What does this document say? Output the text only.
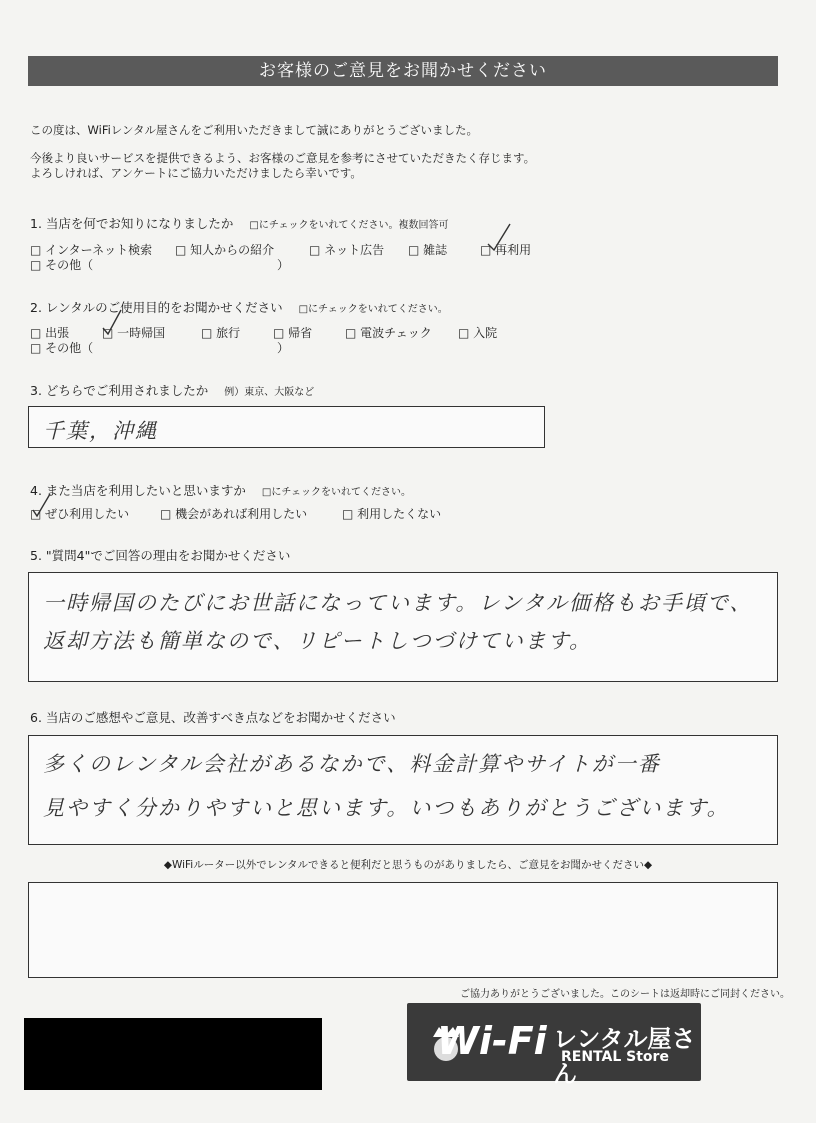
お客様のご意見をお聞かせください
この度は、WiFiレンタル屋さんをご利用いただきまして誠にありがとうございました。
今後より良いサービスを提供できるよう、お客様のご意見を参考にさせていただきたく存じます。
よろしければ、アンケートにご協力いただけましたら幸いです。
1. 当店を何でお知りになりましたか □にチェックをいれてください。複数回答可
□ インターネット検索 □ 知人からの紹介	□ ネット広告 □ 雑誌	□ 再利用
□ その他（	）
2. レンタルのご使用目的をお聞かせください □にチェックをいれてください。
□ 出張	□ 一時帰国	□ 旅行	□ 帰省	□ 電波チェック □ 入院
□ その他（	）
3. どちらでご利用されましたか 例）東京、大阪など
千葉，沖縄
4. また当店を利用したいと思いますか □にチェックをいれてください。
□ ぜひ利用したい	□ 機会があれば利用したい	□ 利用したくない
5. "質問4"でご回答の理由をお聞かせください
一時帰国のたびにお世話になっています。レンタル価格もお手頃で、
返却方法も簡単なので、リピートしつづけています。
6. 当店のご感想やご意見、改善すべき点などをお聞かせください
多くのレンタル会社があるなかで、料金計算やサイトが一番
見やすく分かりやすいと思います。いつもありがとうございます。
◆WiFiルーター以外でレンタルできると便利だと思うものがありましたら、ご意見をお聞かせください◆
ご協力ありがとうございました。このシートは返却時にご同封ください。
Wi-Fi レンタル屋さん
RENTAL Store
